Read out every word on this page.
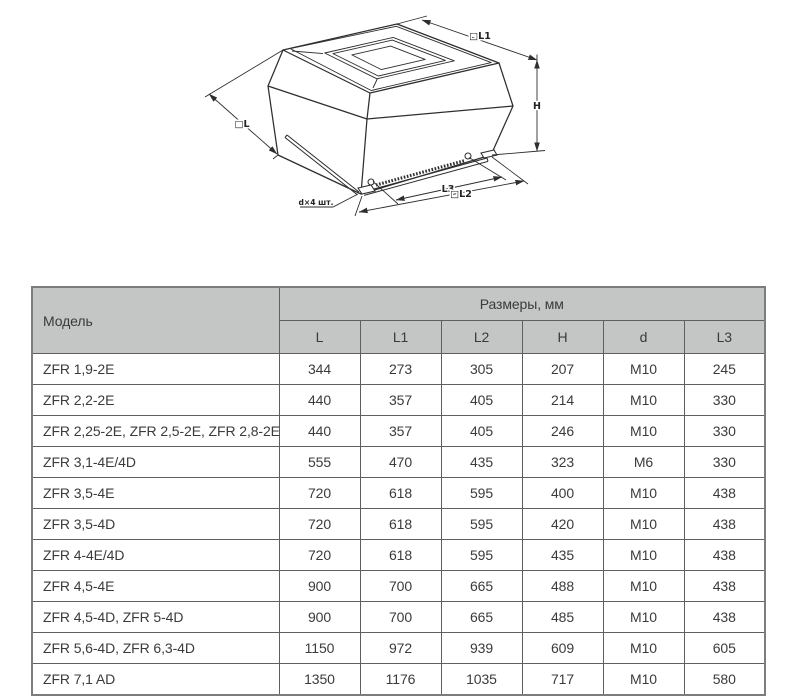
□L1
H
□L
L3
□L2
d×4 шт.
Модель	Размеры, мм					
	L	L1	L2	H	d	L3
ZFR 1,9-2E	344	273	305	207	M10	245
ZFR 2,2-2E	440	357	405	214	M10	330
ZFR 2,25-2E, ZFR 2,5-2E, ZFR 2,8-2E	440	357	405	246	M10	330
ZFR 3,1-4E/4D	555	470	435	323	M6	330
ZFR 3,5-4E	720	618	595	400	M10	438
ZFR 3,5-4D	720	618	595	420	M10	438
ZFR 4-4E/4D	720	618	595	435	M10	438
ZFR 4,5-4E	900	700	665	488	M10	438
ZFR 4,5-4D, ZFR 5-4D	900	700	665	485	M10	438
ZFR 5,6-4D, ZFR 6,3-4D	1150	972	939	609	M10	605
ZFR 7,1 AD	1350	1176	1035	717	M10	580
